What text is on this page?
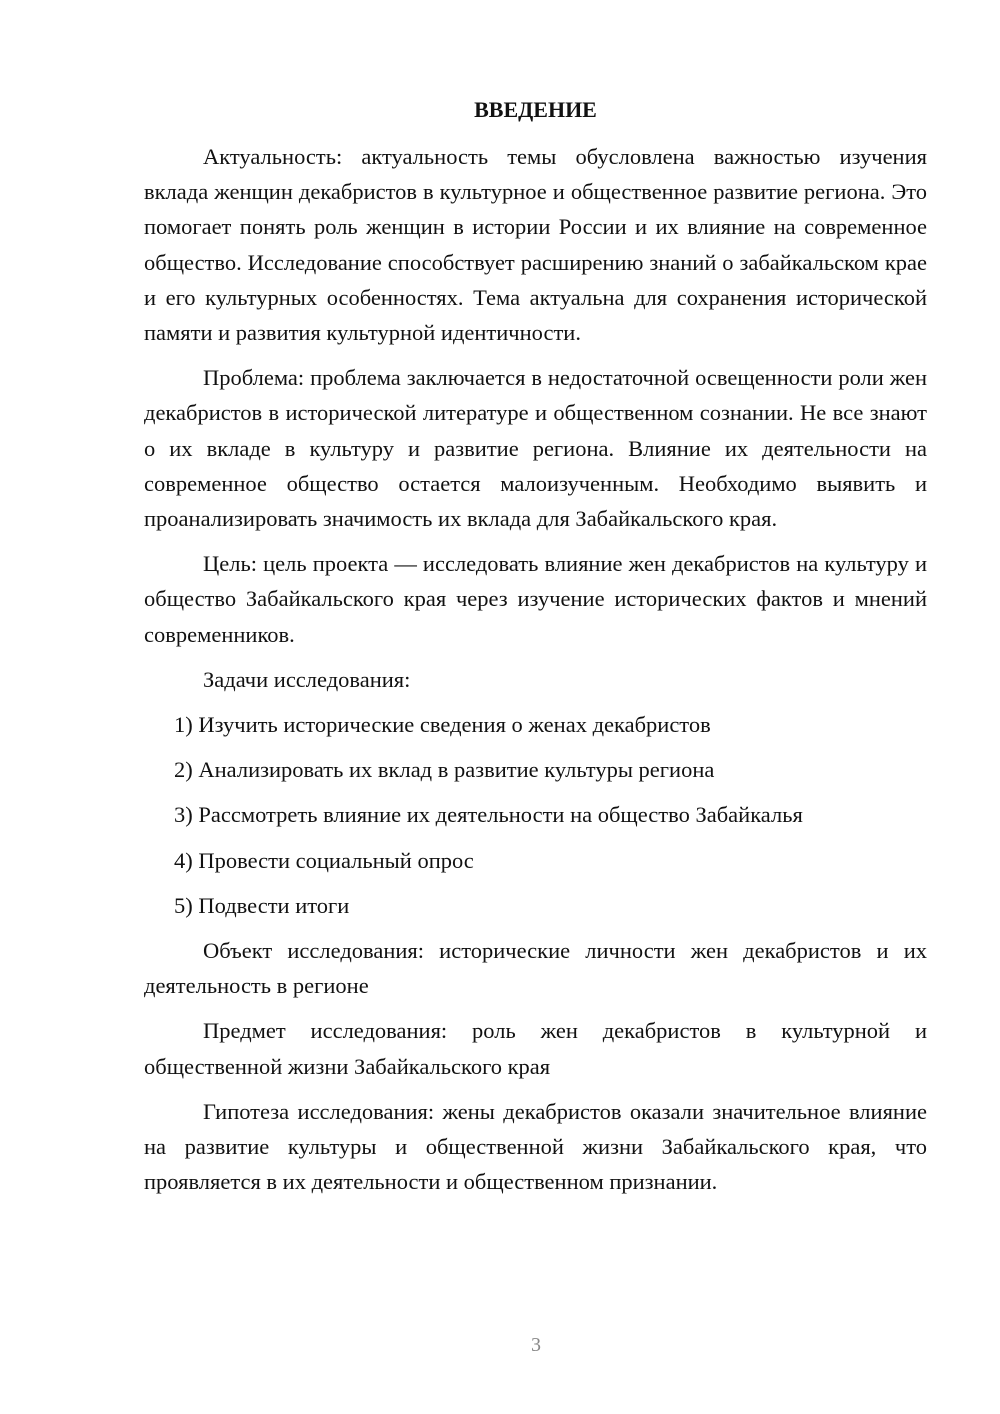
ВВЕДЕНИЕ

Актуальность: актуальность темы обусловлена важностью изучения вклада женщин декабристов в культурное и общественное развитие региона. Это помогает понять роль женщин в истории России и их влияние на современное общество. Исследование способствует расширению знаний о забайкальском крае и его культурных особенностях. Тема актуальна для сохранения исторической памяти и развития культурной идентичности.

Проблема: проблема заключается в недостаточной освещенности роли жен декабристов в исторической литературе и общественном сознании. Не все знают о их вкладе в культуру и развитие региона. Влияние их деятельности на современное общество остается малоизученным. Необходимо выявить и проанализировать значимость их вклада для Забайкальского края.

Цель: цель проекта — исследовать влияние жен декабристов на культуру и общество Забайкальского края через изучение исторических фактов и мнений современников.

Задачи исследования:

1) Изучить исторические сведения о женах декабристов
2) Анализировать их вклад в развитие культуры региона
3) Рассмотреть влияние их деятельности на общество Забайкалья
4) Провести социальный опрос
5) Подвести итоги

Объект исследования: исторические личности жен декабристов и их деятельность в регионе

Предмет исследования: роль жен декабристов в культурной и общественной жизни Забайкальского края

Гипотеза исследования: жены декабристов оказали значительное влияние на развитие культуры и общественной жизни Забайкальского края, что проявляется в их деятельности и общественном признании.

3
